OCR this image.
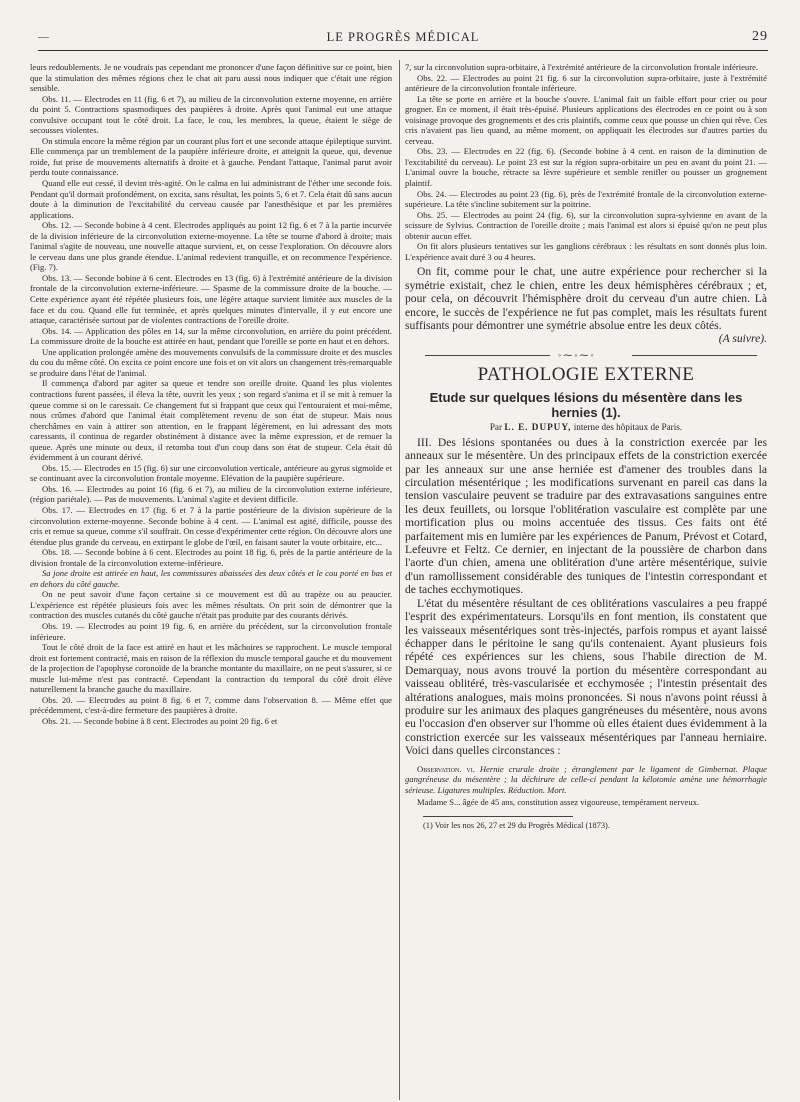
—	LE PROGRÈS MÉDICAL	29

leurs redoublements. Je ne voudrais pas cependant me prononcer d'une façon définitive sur ce point, bien que la stimulation des mêmes régions chez le chat ait paru aussi nous indiquer que c'était une région sensible.

Obs. 11. — Electrodes en 11 (fig. 6 et 7), au milieu de la circonvolution externe moyenne, en arrière du point 5. Contractions spasmodiques des paupières à droite. Après quoi l'animal eut une attaque convulsive occupant tout le côté droit. La face, le cou, les membres, la queue, étaient le siège de secousses violentes.

On stimula encore la même région par un courant plus fort et une seconde attaque épileptique survint. Elle commença par un tremblement de la paupière inférieure droite, et atteignit la queue, qui, devenue roide, fut prise de mouvements alternatifs à droite et à gauche. Pendant l'attaque, l'animal parut avoir perdu toute connaissance.

Quand elle eut cessé, il devint très-agité. On le calma en lui administrant de l'éther une seconde fois. Pendant qu'il dormait profondément, on excita, sans résultat, les points 5, 6 et 7. Cela était dû sans aucun doute à la diminution de l'excitabilité du cerveau causée par l'anesthésique et par les premières applications.

Obs. 12. — Seconde bobine à 4 cent. Electrodes appliqués au point 12 fig. 6 et 7 à la partie incurvée de la division inférieure de la circonvolution externe-moyenne. La tête se tourne d'abord à droite; mais l'animal s'agite de nouveau, une nouvelle attaque survient, et, on cesse l'exploration. On découvre alors le cerveau dans une plus grande étendue. L'animal redevient tranquille, et on recommence l'expérience. (Fig. 7).

Obs. 13. — Seconde bobine à 6 cent. Electrodes en 13 (fig. 6) à l'extrémité antérieure de la division frontale de la circonvolution externe-inférieure. — Spasme de la commissure droite de la bouche. — Cette expérience ayant été répétée plusieurs fois, une légère attaque survient limitée aux muscles de la face et du cou. Quand elle fut terminée, et après quelques minutes d'intervalle, il y eut encore une attaque, caractérisée surtout par de violentes contractions de l'oreille droite.

Obs. 14. — Application des pôles en 14, sur la même circonvolution, en arrière du point précédent. La commissure droite de la bouche est attirée en haut, pendant que l'oreille se porte en haut et en dehors.

Une application prolongée amène des mouvements convulsifs de la commissure droite et des muscles du cou du même côté. On excita ce point encore une fois et on vit alors un changement très-remarquable se produire dans l'état de l'animal.

Il commença d'abord par agiter sa queue et tendre son oreille droite. Quand les plus violentes contractions furent passées, il éleva la tête, ouvrit les yeux ; son regard s'anima et il se mit à remuer la queue comme si on le caressait. Ce changement fut si frappant que ceux qui l'entouraient et moi-même, nous crûmes d'abord que l'animal était complètement revenu de son état de stupeur. Mais nous cherchâmes en vain à attirer son attention, en le frappant légèrement, en lui adressant des mots caressants, il continua de regarder obstinément à distance avec la même expression, et de remuer la queue. Après une minute ou deux, il retomba tout d'un coup dans son état de stupeur. Cela était dû évidemment à un courant dérivé.

Obs. 15. — Electrodes en 15 (fig. 6) sur une circonvolution verticale, antérieure au gyrus sigmoïde et se continuant avec la circonvolution frontale moyenne. Elévation de la paupière supérieure.

Obs. 16. — Electrodes au point 16 (fig. 6 et 7), au milieu de la circonvolution externe inférieure, (région pariétale). — Pas de mouvements. L'animal s'agite et devient difficile.

Obs. 17. — Electrodes en 17 (fig. 6 et 7 à la partie postérieure de la division supérieure de la circonvolution externe-moyenne. Seconde bobine à 4 cent. — L'animal est agité, difficile, pousse des cris et remue sa queue, comme s'il souffrait. On cesse d'expérimenter cette région. On découvre alors une étendue plus grande du cerveau, en extirpant le globe de l'œil, en faisant sauter la voute orbitaire, etc...

Obs. 18. — Seconde bobine à 6 cent. Electrodes au point 18 fig. 6, près de la partie antérieure de la division frontale de la circonvolution externe-inférieure.

Sa jone droite est attirée en haut, les commissures abaissées des deux côtés et le cou porté en bas et en dehors du côté gauche.

On ne peut savoir d'une façon certaine si ce mouvement est dû au trapèze ou au peaucier. L'expérience est répétée plusieurs fois avec les mêmes résultats. On prit soin de démontrer que la contraction des muscles cutanés du côté gauche n'était pas produite par des courants dérivés.

Obs. 19. — Electrodes au point 19 fig. 6, en arrière du précédent, sur la circonvolution frontale inférieure.

Tout le côté droit de la face est attiré en haut et les mâchoires se rapprochent. Le muscle temporal droit est fortement contracté, mais en raison de la réflexion du muscle temporal gauche et du mouvement de la projection de l'apophyse coronoïde de la branche montante du maxillaire, on ne peut s'assurer, si ce muscle lui-même n'est pas contracté. Cependant la contraction du temporal du côté droit élève naturellement la branche gauche du maxillaire.

Obs. 20. — Electrodes au point 8 fig. 6 et 7, comme dans l'observation 8. — Même effet que précédemment, c'est-à-dire fermeture des paupières à droite.

Obs. 21. — Seconde bobine à 8 cent. Electrodes au point 20 fig. 6 et

7, sur la circonvolution supra-orbitaire, à l'extrémité antérieure de la circonvolution frontale inférieure.

Obs. 22. — Electrodes au point 21 fig. 6 sur la circonvolution supra-orbitaire, juste à l'extrémité antérieure de la circonvolution frontale inférieure.

La tête se porte en arrière et la bouche s'ouvre. L'animal fait un faible effort pour crier ou pour grogner. En ce moment, il était très-épuisé. Plusieurs applications des électrodes en ce point ou à son voisinage provoque des grognements et des cris plaintifs, comme ceux que pousse un chien qui rêve. Ces cris n'avaient pas lieu quand, au même moment, on appliquait les électrodes sur d'autres parties du cerveau.

Obs. 23. — Electrodes en 22 (fig. 6). (Seconde bobine à 4 cent. en raison de la diminution de l'excitabilité du cerveau). Le point 23 est sur la région supra-orbitaire un peu en avant du point 21. — L'animal ouvre la bouche, rétracte sa lèvre supérieure et semble renifler ou pousser un grognement plaintif.

Obs. 24. — Electrodes au point 23 (fig. 6), près de l'extrémité frontale de la circonvolution externe-supérieure. La tête s'incline subitement sur la poitrine.

Obs. 25. — Electrodes au point 24 (fig. 6), sur la circonvolution supra-sylvienne en avant de la scissure de Sylvius. Contraction de l'oreille droite ; mais l'animal est alors si épuisé qu'on ne peut plus obtenir aucun effet.

On fit alors plusieurs tentatives sur les ganglions cérébraux : les résultats en sont donnés plus loin. L'expérience avait duré 3 ou 4 heures.

On fit, comme pour le chat, une autre expérience pour rechercher si la symétrie existait, chez le chien, entre les deux hémisphères cérébraux ; et, pour cela, on découvrit l'hémisphère droit du cerveau d'un autre chien. Là encore, le succès de l'expérience ne fut pas complet, mais les résultats furent suffisants pour démontrer une symétrie absolue entre les deux côtés.

(A suivre).

◦⁓◦⁓◦
PATHOLOGIE EXTERNE
Etude sur quelques lésions du mésentère dans les hernies (1).
Par L. E. DUPUY, interne des hôpitaux de Paris.

III. Des lésions spontanées ou dues à la constriction exercée par les anneaux sur le mésentère. Un des principaux effets de la constriction exercée par les anneaux sur une anse herniée est d'amener des troubles dans la circulation mésentérique ; les modifications survenant en pareil cas dans la tension vasculaire peuvent se traduire par des extravasations sanguines entre les deux feuillets, ou lorsque l'oblitération vasculaire est complète par une mortification plus ou moins accentuée des tissus. Ces faits ont été parfaitement mis en lumière par les expériences de Panum, Prévost et Cotard, Lefeuvre et Feltz. Ce dernier, en injectant de la poussière de charbon dans l'aorte d'un chien, amena une oblitération d'une artère mésentérique, suivie d'un ramollissement considérable des tuniques de l'intestin correspondant et de taches ecchymotiques.

L'état du mésentère résultant de ces oblitérations vasculaires a peu frappé l'esprit des expérimentateurs. Lorsqu'ils en font mention, ils constatent que les vaisseaux mésentériques sont très-injectés, parfois rompus et ayant laissé échapper dans le péritoine le sang qu'ils contenaient. Ayant plusieurs fois répété ces expériences sur les chiens, sous l'habile direction de M. Demarquay, nous avons trouvé la portion du mésentère correspondant au vaisseau oblitéré, très-vascularisée et ecchymosée ; l'intestin présentait des altérations analogues, mais moins prononcées. Si nous n'avons point réussi à produire sur les animaux des plaques gangréneuses du mésentère, nous avons eu l'occasion d'en observer sur l'homme où elles étaient dues évidemment à la constriction exercée sur les vaisseaux mésentériques par l'anneau herniaire. Voici dans quelles circonstances :

Observation. vi. Hernie crurale droite ; étranglement par le ligament de Gimbernat. Plaque gangréneuse du mésentère ; la déchirure de celle-ci pendant la kélotomie amène une hémorrhagie sérieuse. Ligatures multiples. Réduction. Mort.

Madame S... âgée de 45 ans, constitution assez vigoureuse, tempérament nerveux.

(1) Voir les nos 26, 27 et 29 du Progrès Médical (1873).
